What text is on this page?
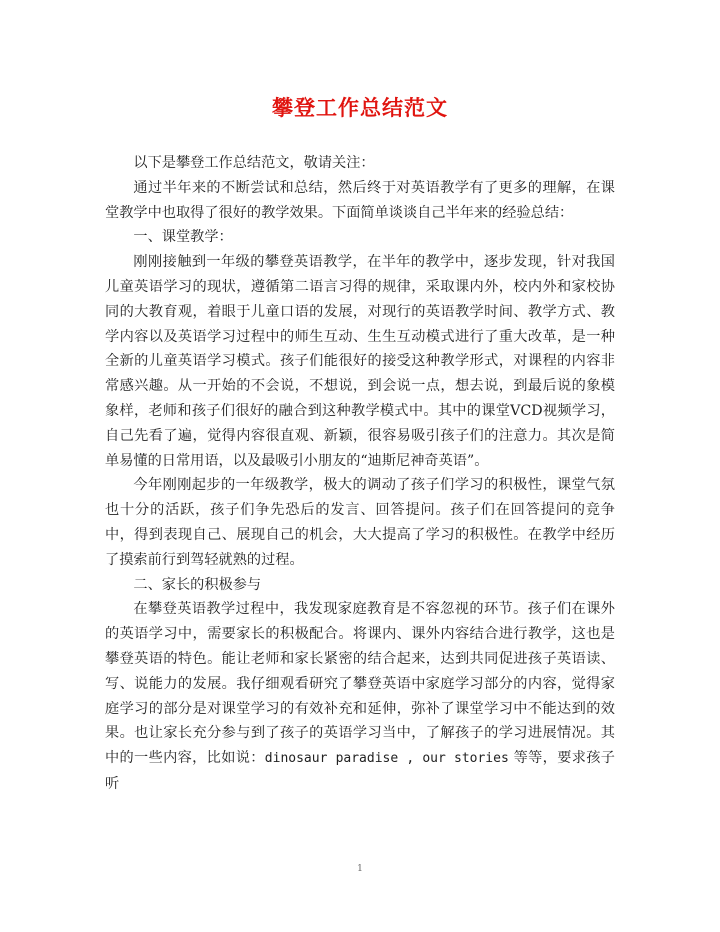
攀登工作总结范文

以下是攀登工作总结范文，敬请关注：

通过半年来的不断尝试和总结，然后终于对英语教学有了更多的理解，在课堂教学中也取得了很好的教学效果。下面简单谈谈自己半年来的经验总结：

一、课堂教学：

刚刚接触到一年级的攀登英语教学，在半年的教学中，逐步发现，针对我国儿童英语学习的现状，遵循第二语言习得的规律，采取课内外，校内外和家校协同的大教育观，着眼于儿童口语的发展，对现行的英语教学时间、教学方式、教学内容以及英语学习过程中的师生互动、生生互动模式进行了重大改革，是一种全新的儿童英语学习模式。孩子们能很好的接受这种教学形式，对课程的内容非常感兴趣。从一开始的不会说，不想说，到会说一点，想去说，到最后说的象模象样，老师和孩子们很好的融合到这种教学模式中。其中的课堂VCD视频学习，自己先看了遍，觉得内容很直观、新颖，很容易吸引孩子们的注意力。其次是简单易懂的日常用语，以及最吸引小朋友的“迪斯尼神奇英语”。

今年刚刚起步的一年级教学，极大的调动了孩子们学习的积极性，课堂气氛也十分的活跃，孩子们争先恐后的发言、回答提问。孩子们在回答提问的竞争中，得到表现自己、展现自己的机会，大大提高了学习的积极性。在教学中经历了摸索前行到驾轻就熟的过程。

二、家长的积极参与

在攀登英语教学过程中，我发现家庭教育是不容忽视的环节。孩子们在课外的英语学习中，需要家长的积极配合。将课内、课外内容结合进行教学，这也是攀登英语的特色。能让老师和家长紧密的结合起来，达到共同促进孩子英语读、写、说能力的发展。我仔细观看研究了攀登英语中家庭学习部分的内容，觉得家庭学习的部分是对课堂学习的有效补充和延伸，弥补了课堂学习中不能达到的效果。也让家长充分参与到了孩子的英语学习当中，了解孩子的学习进展情况。其中的一些内容，比如说：dinosaur paradise , our stories 等等，要求孩子听

1
